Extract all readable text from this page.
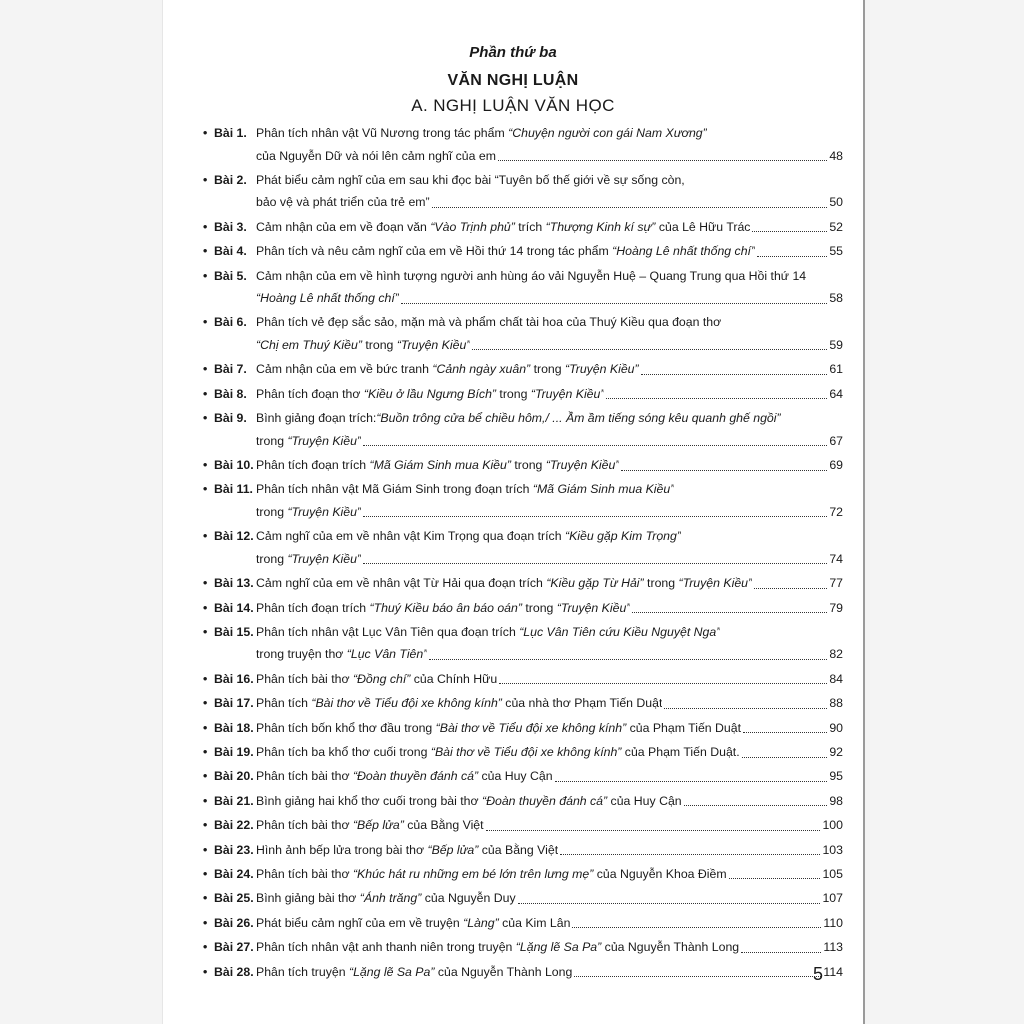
Phần thứ ba
VĂN NGHỊ LUẬN
A. NGHỊ LUẬN VĂN HỌC
• Bài 1. Phân tích nhân vật Vũ Nương trong tác phẩm “Chuyện người con gái Nam Xương”
của Nguyễn Dữ và nói lên cảm nghĩ của em	48
• Bài 2. Phát biểu cảm nghĩ của em sau khi đọc bài “Tuyên bố thế giới về sự sống còn,
bảo vệ và phát triển của trẻ em”	50
• Bài 3. Cảm nhận của em về đoạn văn “Vào Trịnh phủ” trích “Thượng Kinh kí sự” của Lê Hữu Trác	52
• Bài 4. Phân tích và nêu cảm nghĩ của em về Hồi thứ 14 trong tác phẩm “Hoàng Lê nhất thống chí”	55
• Bài 5. Cảm nhận của em về hình tượng người anh hùng áo vải Nguyễn Huệ – Quang Trung qua Hồi thứ 14
“Hoàng Lê nhất thống chí”	58
• Bài 6. Phân tích vẻ đẹp sắc sảo, mặn mà và phẩm chất tài hoa của Thuý Kiều qua đoạn thơ
“Chị em Thuý Kiều” trong “Truyện Kiều”	59
• Bài 7. Cảm nhận của em về bức tranh “Cảnh ngày xuân” trong “Truyện Kiều”	61
• Bài 8. Phân tích đoạn thơ “Kiều ở lầu Ngưng Bích” trong “Truyện Kiều”	64
• Bài 9. Bình giảng đoạn trích:“Buồn trông cửa bể chiều hôm,/ ... Ầm ầm tiếng sóng kêu quanh ghế ngồi”
trong “Truyện Kiều”	67
• Bài 10. Phân tích đoạn trích “Mã Giám Sinh mua Kiều” trong “Truyện Kiều”	69
• Bài 11. Phân tích nhân vật Mã Giám Sinh trong đoạn trích “Mã Giám Sinh mua Kiều”
trong “Truyện Kiều”	72
• Bài 12. Cảm nghĩ của em về nhân vật Kim Trọng qua đoạn trích “Kiều gặp Kim Trọng”
trong “Truyện Kiều”	74
• Bài 13. Cảm nghĩ của em về nhân vật Từ Hải qua đoạn trích “Kiều gặp Từ Hải” trong “Truyện Kiều”	77
• Bài 14. Phân tích đoạn trích “Thuý Kiều báo ân báo oán” trong “Truyện Kiều”	79
• Bài 15. Phân tích nhân vật Lục Vân Tiên qua đoạn trích “Lục Vân Tiên cứu Kiều Nguyệt Nga”
trong truyện thơ “Lục Vân Tiên”	82
• Bài 16. Phân tích bài thơ “Đồng chí” của Chính Hữu	84
• Bài 17. Phân tích “Bài thơ về Tiểu đội xe không kính” của nhà thơ Phạm Tiến Duật	88
• Bài 18. Phân tích bốn khổ thơ đầu trong “Bài thơ về Tiểu đội xe không kính” của Phạm Tiến Duật	90
• Bài 19. Phân tích ba khổ thơ cuối trong “Bài thơ về Tiểu đội xe không kính” của Phạm Tiến Duật.	92
• Bài 20. Phân tích bài thơ “Đoàn thuyền đánh cá” của Huy Cận	95
• Bài 21. Bình giảng hai khổ thơ cuối trong bài thơ “Đoàn thuyền đánh cá” của Huy Cận	98
• Bài 22. Phân tích bài thơ “Bếp lửa” của Bằng Việt	100
• Bài 23. Hình ảnh bếp lửa trong bài thơ “Bếp lửa” của Bằng Việt	103
• Bài 24. Phân tích bài thơ “Khúc hát ru những em bé lớn trên lưng mẹ” của Nguyễn Khoa Điềm	105
• Bài 25. Bình giảng bài thơ “Ánh trăng” của Nguyễn Duy	107
• Bài 26. Phát biểu cảm nghĩ của em về truyện “Làng” của Kim Lân	110
• Bài 27. Phân tích nhân vật anh thanh niên trong truyện “Lặng lẽ Sa Pa” của Nguyễn Thành Long	113
• Bài 28. Phân tích truyện “Lặng lẽ Sa Pa” của Nguyễn Thành Long	114
5
